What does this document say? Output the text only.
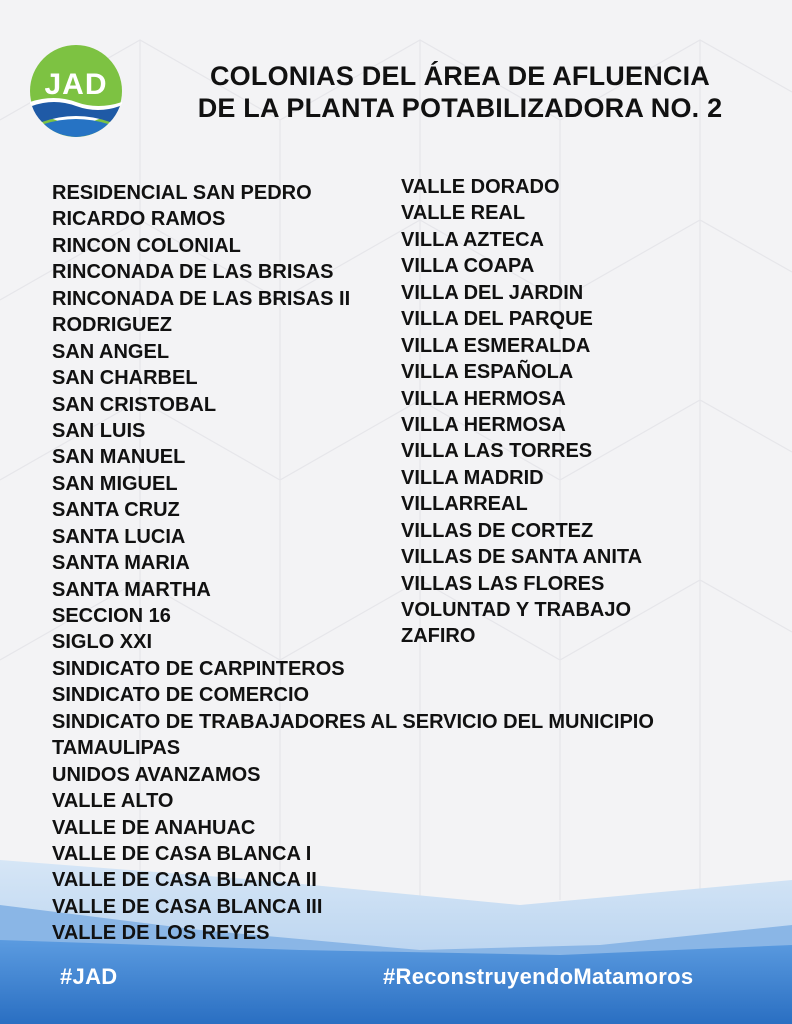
JAD	COLONIAS DEL ÁREA DE AFLUENCIA
DE LA PLANTA POTABILIZADORA NO. 2
RESIDENCIAL SAN PEDRO
RICARDO RAMOS
RINCON COLONIAL
RINCONADA DE LAS BRISAS
RINCONADA DE LAS BRISAS II
RODRIGUEZ
SAN ANGEL
SAN CHARBEL
SAN CRISTOBAL
SAN LUIS
SAN MANUEL
SAN MIGUEL
SANTA CRUZ
SANTA LUCIA
SANTA MARIA
SANTA MARTHA
SECCION 16
SIGLO XXI
SINDICATO DE CARPINTEROS
SINDICATO DE COMERCIO
SINDICATO DE TRABAJADORES AL SERVICIO DEL MUNICIPIO
TAMAULIPAS
UNIDOS AVANZAMOS
VALLE ALTO
VALLE DE ANAHUAC
VALLE DE CASA BLANCA I
VALLE DE CASA BLANCA II
VALLE DE CASA BLANCA III
VALLE DE LOS REYES
VALLE DORADO
VALLE REAL
VILLA AZTECA
VILLA COAPA
VILLA DEL JARDIN
VILLA DEL PARQUE
VILLA ESMERALDA
VILLA ESPAÑOLA
VILLA HERMOSA
VILLA HERMOSA
VILLA LAS TORRES
VILLA MADRID
VILLARREAL
VILLAS DE CORTEZ
VILLAS DE SANTA ANITA
VILLAS LAS FLORES
VOLUNTAD Y TRABAJO
ZAFIRO
#JAD	#ReconstruyendoMatamoros
